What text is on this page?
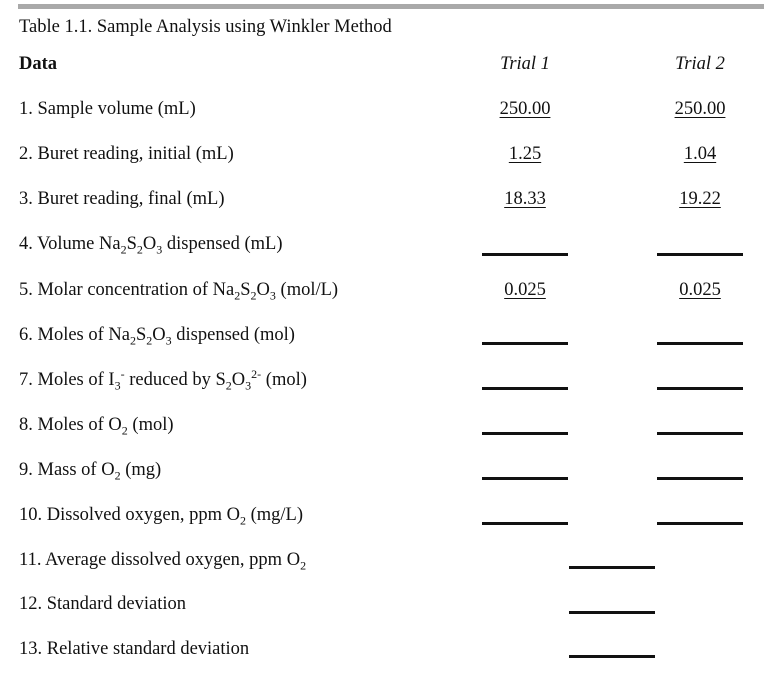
Table 1.1. Sample Analysis using Winkler Method
Data	Trial 1	Trial 2
1. Sample volume (mL)	250.00	250.00
2. Buret reading, initial (mL)	1.25	1.04
3. Buret reading, final (mL)	18.33	19.22
4. Volume $Na_2S_2O_3$ dispensed (mL)
5. Molar concentration of $Na_2S_2O_3$ (mol/L)	0.025	0.025
6. Moles of $Na_2S_2O_3$ dispensed (mol)
7. Moles of $I_3^-$ reduced by $S_2O_3^{2-}$ (mol)
8. Moles of $O_2$ (mol)
9. Mass of $O_2$ (mg)
10. Dissolved oxygen, ppm $O_2$ (mg/L)
11. Average dissolved oxygen, ppm $O_2$
12. Standard deviation
13. Relative standard deviation
